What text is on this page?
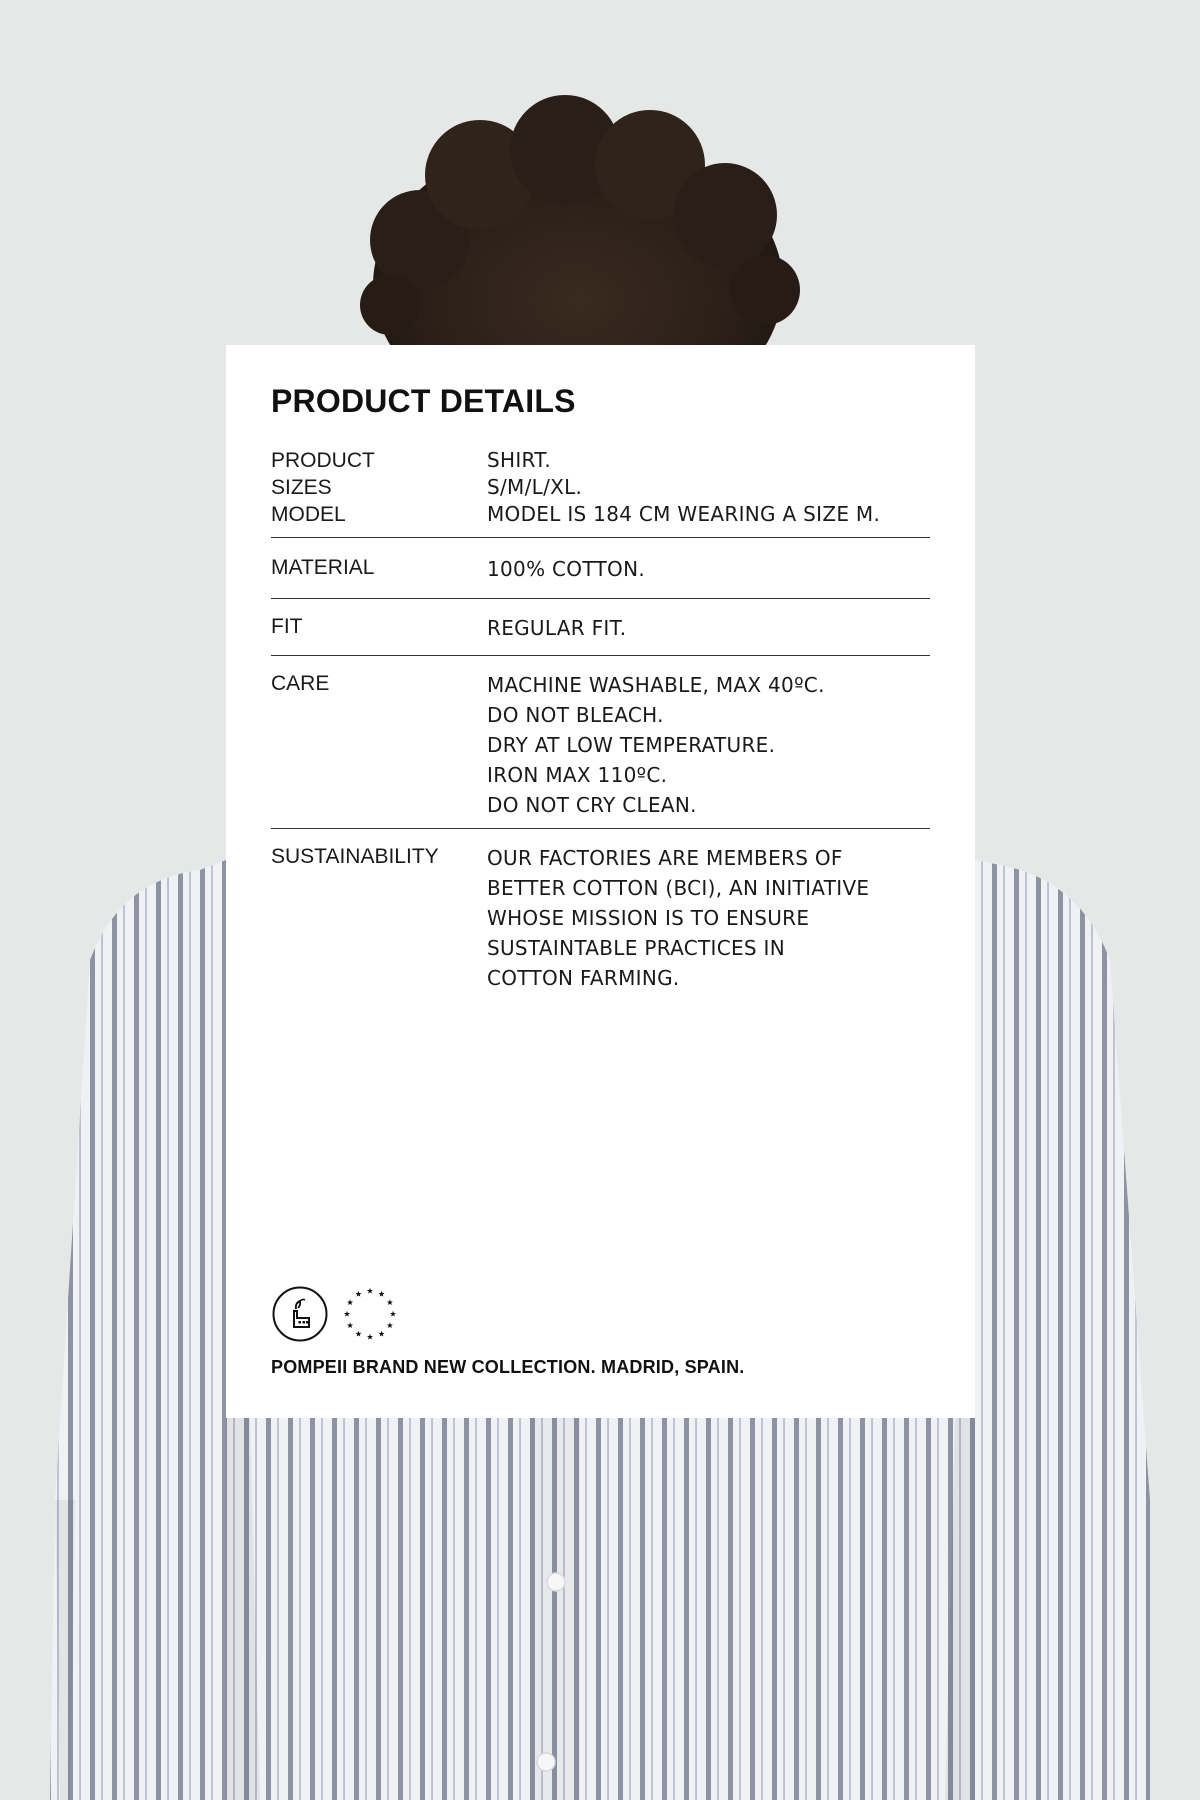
PRODUCT DETAILS
PRODUCT	SHIRT.
SIZES	S/M/L/XL.
MODEL	MODEL IS 184 CM WEARING A SIZE M.
MATERIAL	100% COTTON.
FIT	REGULAR FIT.
CARE	MACHINE WASHABLE, MAX 40ºC.
DO NOT BLEACH.
DRY AT LOW TEMPERATURE.
IRON MAX 110ºC.
DO NOT CRY CLEAN.
SUSTAINABILITY	OUR FACTORIES ARE MEMBERS OF
BETTER COTTON (BCI), AN INITIATIVE
WHOSE MISSION IS TO ENSURE
SUSTAINTABLE PRACTICES IN
COTTON FARMING.
POMPEII BRAND NEW COLLECTION. MADRID, SPAIN.
